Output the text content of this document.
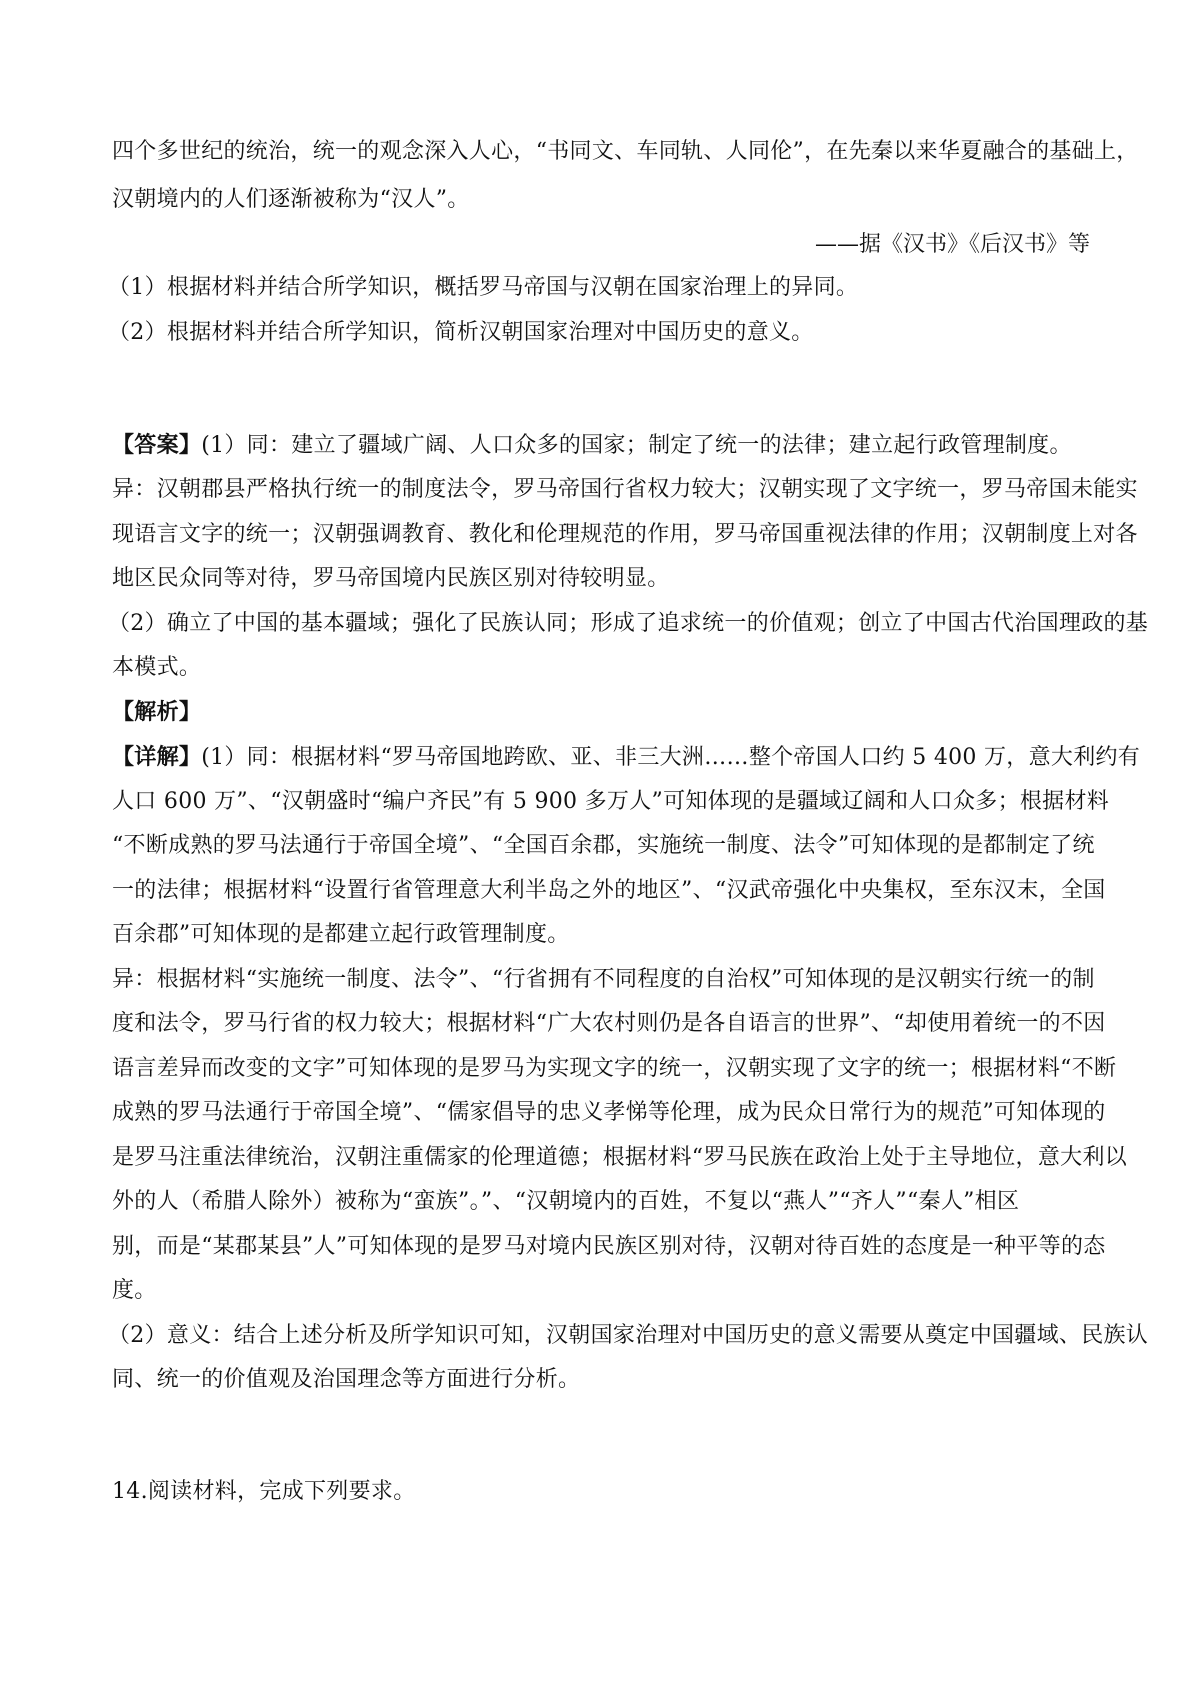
四个多世纪的统治，统一的观念深入人心，“书同文、车同轨、人同伦”，在先秦以来华夏融合的基础上，
汉朝境内的人们逐渐被称为“汉人”。
——据《汉书》《后汉书》等
（1）根据材料并结合所学知识，概括罗马帝国与汉朝在国家治理上的异同。
（2）根据材料并结合所学知识，简析汉朝国家治理对中国历史的意义。
【答案】(1）同：建立了疆域广阔、人口众多的国家；制定了统一的法律；建立起行政管理制度。
异：汉朝郡县严格执行统一的制度法令，罗马帝国行省权力较大；汉朝实现了文字统一，罗马帝国未能实
现语言文字的统一；汉朝强调教育、教化和伦理规范的作用，罗马帝国重视法律的作用；汉朝制度上对各
地区民众同等对待，罗马帝国境内民族区别对待较明显。
（2）确立了中国的基本疆域；强化了民族认同；形成了追求统一的价值观；创立了中国古代治国理政的基
本模式。
【解析】
【详解】(1）同：根据材料“罗马帝国地跨欧、亚、非三大洲……整个帝国人口约 5 400 万，意大利约有
人口 600 万”、“汉朝盛时“编户齐民”有 5 900 多万人”可知体现的是疆域辽阔和人口众多；根据材料
“不断成熟的罗马法通行于帝国全境”、“全国百余郡，实施统一制度、法令”可知体现的是都制定了统
一的法律；根据材料“设置行省管理意大利半岛之外的地区”、“汉武帝强化中央集权，至东汉末，全国
百余郡”可知体现的是都建立起行政管理制度。
异：根据材料“实施统一制度、法令”、“行省拥有不同程度的自治权”可知体现的是汉朝实行统一的制
度和法令，罗马行省的权力较大；根据材料“广大农村则仍是各自语言的世界”、“却使用着统一的不因
语言差异而改变的文字”可知体现的是罗马为实现文字的统一，汉朝实现了文字的统一；根据材料“不断
成熟的罗马法通行于帝国全境”、“儒家倡导的忠义孝悌等伦理，成为民众日常行为的规范”可知体现的
是罗马注重法律统治，汉朝注重儒家的伦理道德；根据材料“罗马民族在政治上处于主导地位，意大利以
外的人（希腊人除外）被称为“蛮族”。”、“汉朝境内的百姓，不复以“燕人”“齐人”“秦人”相区
别，而是“某郡某县”人”可知体现的是罗马对境内民族区别对待，汉朝对待百姓的态度是一种平等的态
度。
（2）意义：结合上述分析及所学知识可知，汉朝国家治理对中国历史的意义需要从奠定中国疆域、民族认
同、统一的价值观及治国理念等方面进行分析。
14.阅读材料，完成下列要求。
